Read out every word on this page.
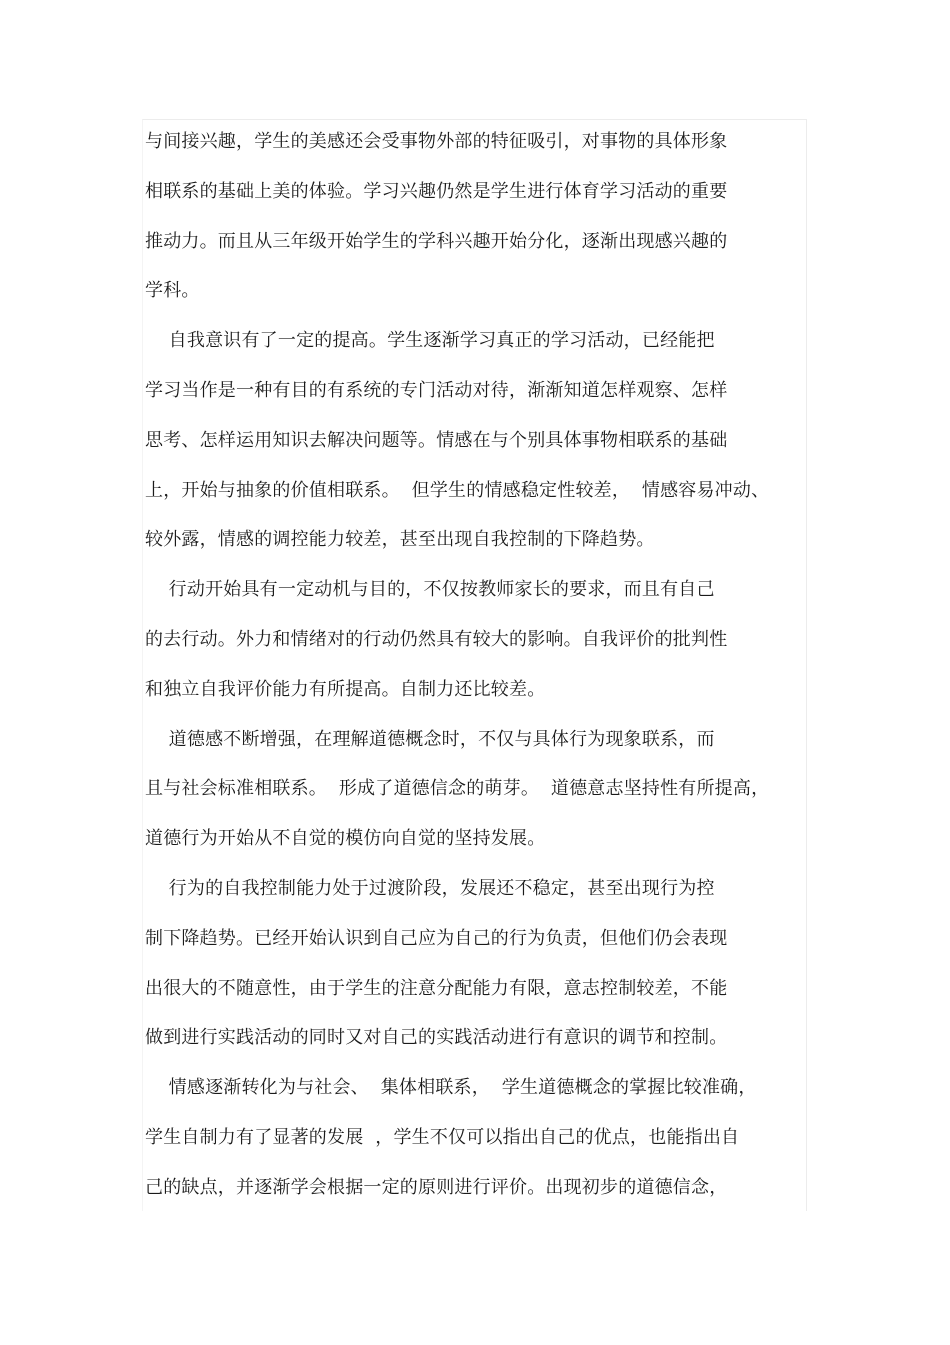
与间接兴趣，学生的美感还会受事物外部的特征吸引，对事物的具体形象
相联系的基础上美的体验。学习兴趣仍然是学生进行体育学习活动的重要
推动力。而且从三年级开始学生的学科兴趣开始分化，逐渐出现感兴趣的
学科。
自我意识有了一定的提高。学生逐渐学习真正的学习活动，已经能把
学习当作是一种有目的有系统的专门活动对待，渐渐知道怎样观察、怎样
思考、怎样运用知识去解决问题等。情感在与个别具体事物相联系的基础
上，开始与抽象的价值相联系。  但学生的情感稳定性较差，  情感容易冲动、
较外露，情感的调控能力较差，甚至出现自我控制的下降趋势。
行动开始具有一定动机与目的，不仅按教师家长的要求，而且有自己
的去行动。外力和情绪对的行动仍然具有较大的影响。自我评价的批判性
和独立自我评价能力有所提高。自制力还比较差。
道德感不断增强，在理解道德概念时，不仅与具体行为现象联系，而
且与社会标准相联系。  形成了道德信念的萌芽。  道德意志坚持性有所提高，
道德行为开始从不自觉的模仿向自觉的坚持发展。
行为的自我控制能力处于过渡阶段，发展还不稳定，甚至出现行为控
制下降趋势。已经开始认识到自己应为自己的行为负责，但他们仍会表现
出很大的不随意性，由于学生的注意分配能力有限，意志控制较差，不能
做到进行实践活动的同时又对自己的实践活动进行有意识的调节和控制。
情感逐渐转化为与社会、  集体相联系，  学生道德概念的掌握比较准确，
学生自制力有了显著的发展  ，学生不仅可以指出自己的优点，也能指出自
己的缺点，并逐渐学会根据一定的原则进行评价。出现初步的道德信念，
